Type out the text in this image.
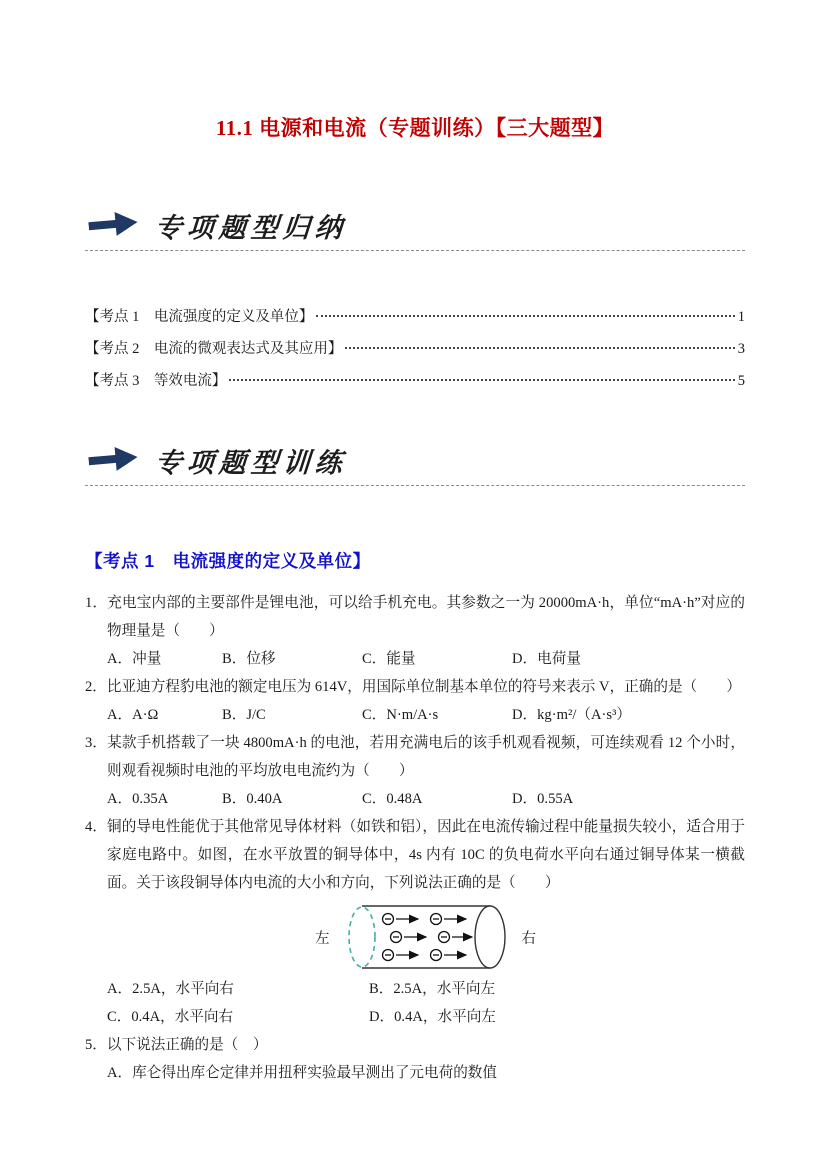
11.1 电源和电流（专题训练）【三大题型】
专项题型归纳
【考点 1　电流强度的定义及单位】	1
【考点 2　电流的微观表达式及其应用】	3
【考点 3　等效电流】	5
专项题型训练
【考点 1　电流强度的定义及单位】
1．充电宝内部的主要部件是锂电池，可以给手机充电。其参数之一为 20000mA·h，单位“mA·h”对应的物理量是（　　）
A．冲量	B．位移	C．能量	D．电荷量
2．比亚迪方程豹电池的额定电压为 614V，用国际单位制基本单位的符号来表示 V，正确的是（　　）
A．A·Ω	B．J/C	C．N·m/A·s	D．kg·m²/（A·s³）
3．某款手机搭载了一块 4800mA·h 的电池，若用充满电后的该手机观看视频，可连续观看 12 个小时，则观看视频时电池的平均放电电流约为（　　）
A．0.35A	B．0.40A	C．0.48A	D．0.55A
4．铜的导电性能优于其他常见导体材料（如铁和铝），因此在电流传输过程中能量损失较小，适合用于家庭电路中。如图，在水平放置的铜导体中，4s 内有 10C 的负电荷水平向右通过铜导体某一横截面。关于该段铜导体内电流的大小和方向，下列说法正确的是（　　）
左	右
A．2.5A，水平向右	B．2.5A，水平向左
C．0.4A，水平向右	D．0.4A，水平向左
5．以下说法正确的是（　）
A．库仑得出库仑定律并用扭秤实验最早测出了元电荷的数值
